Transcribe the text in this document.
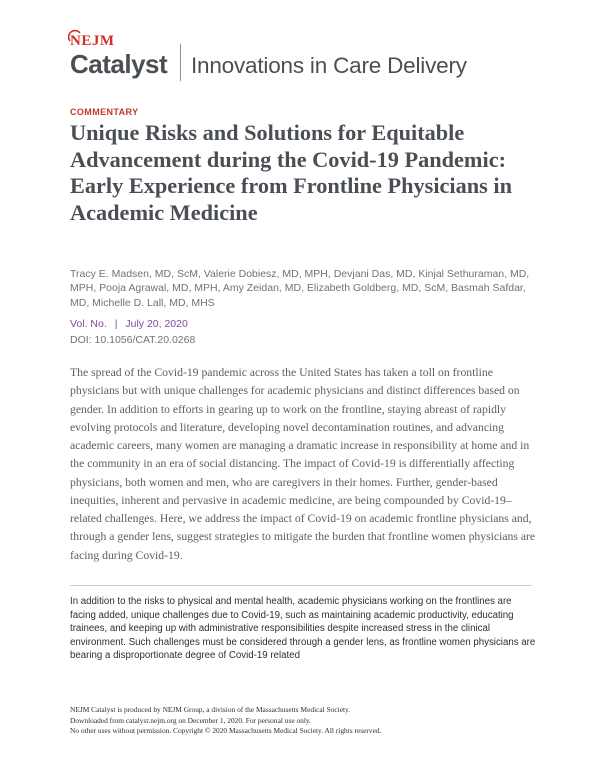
NEJM
Catalyst Innovations in Care Delivery
COMMENTARY
Unique Risks and Solutions for Equitable Advancement during the Covid-19 Pandemic: Early Experience from Frontline Physicians in Academic Medicine
Tracy E. Madsen, MD, ScM, Valerie Dobiesz, MD, MPH, Devjani Das, MD, Kinjal Sethuraman, MD, MPH, Pooja Agrawal, MD, MPH, Amy Zeidan, MD, Elizabeth Goldberg, MD, ScM, Basmah Safdar, MD, Michelle D. Lall, MD, MHS
Vol. No. | July 20, 2020
DOI: 10.1056/CAT.20.0268

The spread of the Covid-19 pandemic across the United States has taken a toll on frontline physicians but with unique challenges for academic physicians and distinct differences based on gender. In addition to efforts in gearing up to work on the frontline, staying abreast of rapidly evolving protocols and literature, developing novel decontamination routines, and advancing academic careers, many women are managing a dramatic increase in responsibility at home and in the community in an era of social distancing. The impact of Covid-19 is differentially affecting physicians, both women and men, who are caregivers in their homes. Further, gender-based inequities, inherent and pervasive in academic medicine, are being compounded by Covid-19–related challenges. Here, we address the impact of Covid-19 on academic frontline physicians and, through a gender lens, suggest strategies to mitigate the burden that frontline women physicians are facing during Covid-19.

In addition to the risks to physical and mental health, academic physicians working on the frontlines are facing added, unique challenges due to Covid-19, such as maintaining academic productivity, educating trainees, and keeping up with administrative responsibilities despite increased stress in the clinical environment. Such challenges must be considered through a gender lens, as frontline women physicians are bearing a disproportionate degree of Covid-19 related

NEJM Catalyst is produced by NEJM Group, a division of the Massachusetts Medical Society.
Downloaded from catalyst.nejm.org on December 1, 2020. For personal use only.
No other uses without permission. Copyright © 2020 Massachusetts Medical Society. All rights reserved.
